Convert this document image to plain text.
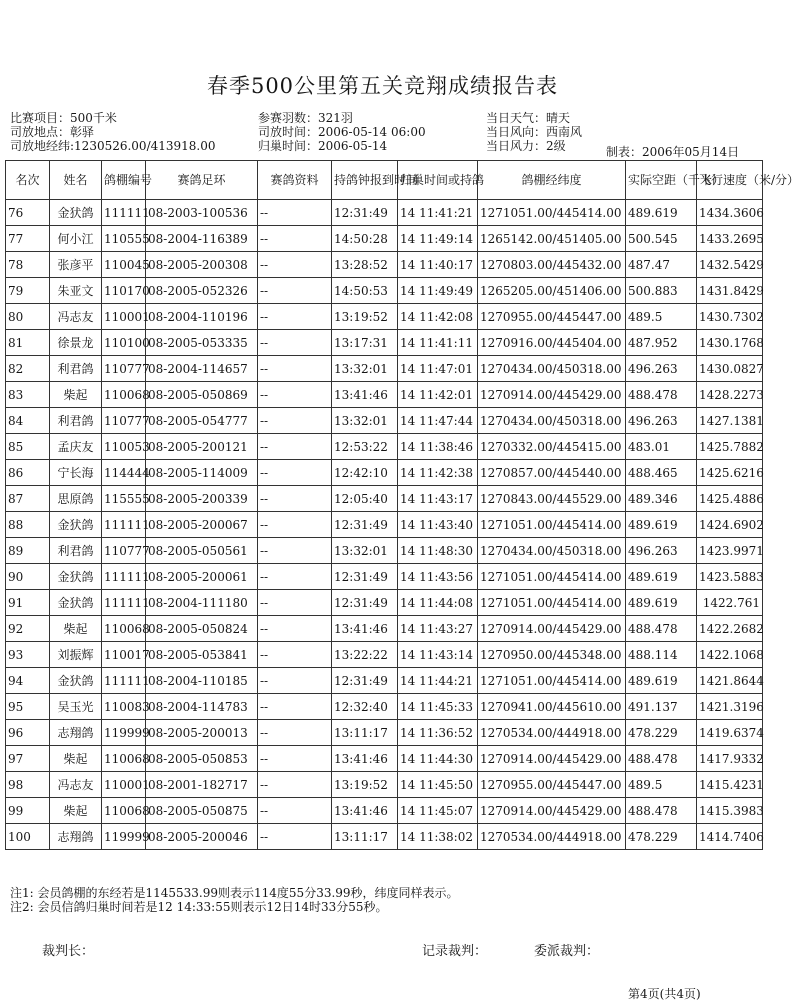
春季500公里第五关竞翔成绩报告表
比赛项目：500千米
司放地点：彰驿
司放地经纬:1230526.00/413918.00
参赛羽数：321羽
司放时间：2006-05-14 06:00
归巢时间：2006-05-14
当日天气：晴天
当日风向：西南风
当日风力：2级	制表：2006年05月14日
名次	姓名	鸽棚编号	赛鸽足环	赛鸽资料	持鸽钟报到时间	归巢时间或持鸽	鸽棚经纬度	实际空距（千米）	飞行速度（米/分）
76	金犾鸽	111111	08-2003-100536	--	12:31:49	14 11:41:21	1271051.00/445414.00	489.619	1434.3606
77	何小江	110555	08-2004-116389	--	14:50:28	14 11:49:14	1265142.00/451405.00	500.545	1433.2695
78	张彦平	110045	08-2005-200308	--	13:28:52	14 11:40:17	1270803.00/445432.00	487.47	1432.5429
79	朱亚文	110170	08-2005-052326	--	14:50:53	14 11:49:49	1265205.00/451406.00	500.883	1431.8429
80	冯志友	110001	08-2004-110196	--	13:19:52	14 11:42:08	1270955.00/445447.00	489.5	1430.7302
81	徐景龙	110100	08-2005-053335	--	13:17:31	14 11:41:11	1270916.00/445404.00	487.952	1430.1768
82	利君鸽	110777	08-2004-114657	--	13:32:01	14 11:47:01	1270434.00/450318.00	496.263	1430.0827
83	柴起	110068	08-2005-050869	--	13:41:46	14 11:42:01	1270914.00/445429.00	488.478	1428.2273
84	利君鸽	110777	08-2005-054777	--	13:32:01	14 11:47:44	1270434.00/450318.00	496.263	1427.1381
85	孟庆友	110053	08-2005-200121	--	12:53:22	14 11:38:46	1270332.00/445415.00	483.01	1425.7882
86	宁长海	114444	08-2005-114009	--	12:42:10	14 11:42:38	1270857.00/445440.00	488.465	1425.6216
87	思原鸽	115555	08-2005-200339	--	12:05:40	14 11:43:17	1270843.00/445529.00	489.346	1425.4886
88	金犾鸽	111111	08-2005-200067	--	12:31:49	14 11:43:40	1271051.00/445414.00	489.619	1424.6902
89	利君鸽	110777	08-2005-050561	--	13:32:01	14 11:48:30	1270434.00/450318.00	496.263	1423.9971
90	金犾鸽	111111	08-2005-200061	--	12:31:49	14 11:43:56	1271051.00/445414.00	489.619	1423.5883
91	金犾鸽	111111	08-2004-111180	--	12:31:49	14 11:44:08	1271051.00/445414.00	489.619	1422.761
92	柴起	110068	08-2005-050824	--	13:41:46	14 11:43:27	1270914.00/445429.00	488.478	1422.2682
93	刘振辉	110017	08-2005-053841	--	13:22:22	14 11:43:14	1270950.00/445348.00	488.114	1422.1068
94	金犾鸽	111111	08-2004-110185	--	12:31:49	14 11:44:21	1271051.00/445414.00	489.619	1421.8644
95	吴玉光	110083	08-2004-114783	--	12:32:40	14 11:45:33	1270941.00/445610.00	491.137	1421.3196
96	志翔鸽	119999	08-2005-200013	--	13:11:17	14 11:36:52	1270534.00/444918.00	478.229	1419.6374
97	柴起	110068	08-2005-050853	--	13:41:46	14 11:44:30	1270914.00/445429.00	488.478	1417.9332
98	冯志友	110001	08-2001-182717	--	13:19:52	14 11:45:50	1270955.00/445447.00	489.5	1415.4231
99	柴起	110068	08-2005-050875	--	13:41:46	14 11:45:07	1270914.00/445429.00	488.478	1415.3983
100	志翔鸽	119999	08-2005-200046	--	13:11:17	14 11:38:02	1270534.00/444918.00	478.229	1414.7406
注1: 会员鸽棚的东经若是1145533.99则表示114度55分33.99秒，纬度同样表示。
注2: 会员信鸽归巢时间若是12 14:33:55则表示12日14时33分55秒。
裁判长：	记录裁判：	委派裁判：
第4页(共4页)
